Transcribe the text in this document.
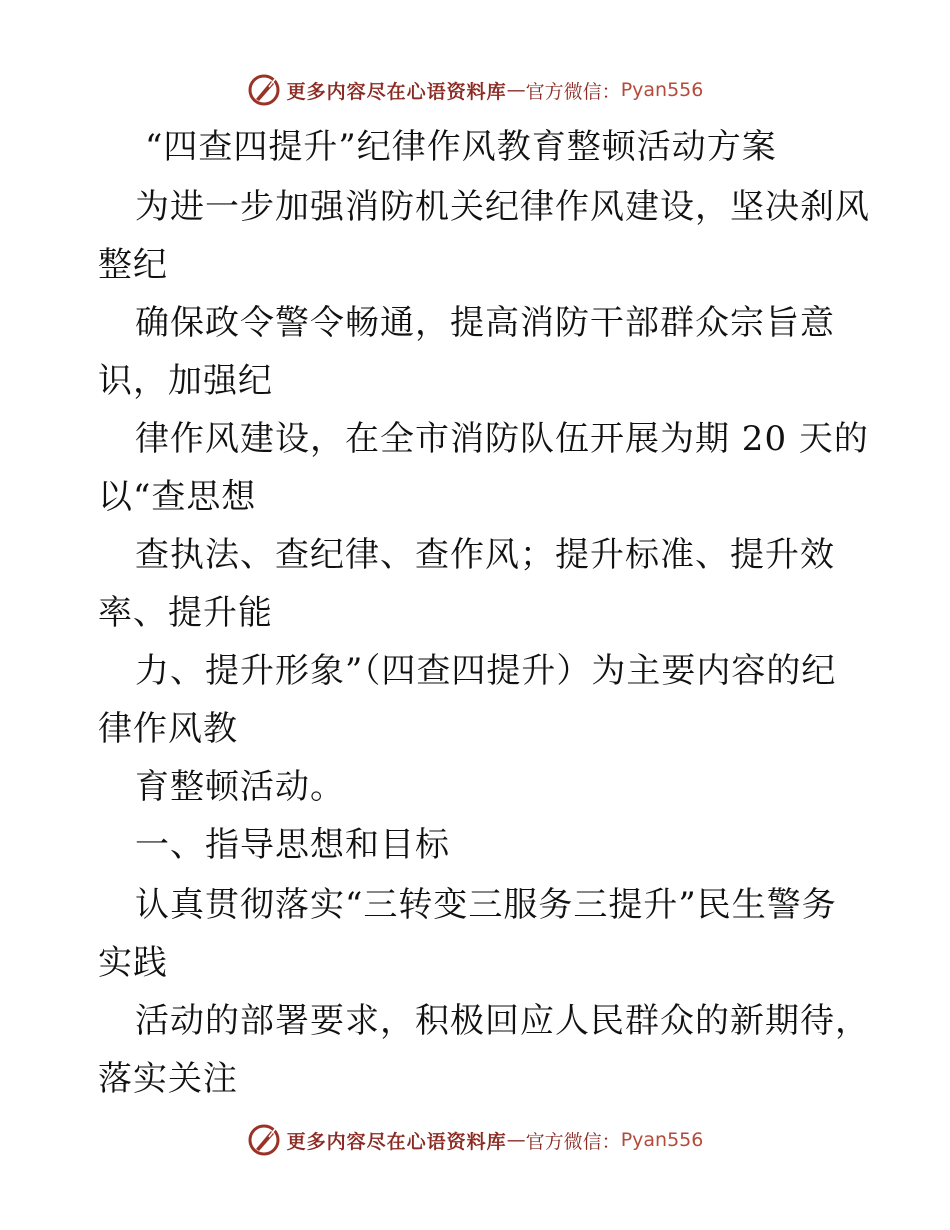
更多内容尽在心语资料库 — 官方微信： Pyan556
“四查四提升”纪律作风教育整顿活动方案
为进一步加强消防机关纪律作风建设，坚决刹风
整纪
确保政令警令畅通，提高消防干部群众宗旨意
识，加强纪
律作风建设，在全市消防队伍开展为期 20 天的
以“查思想
查执法、查纪律、查作风；提升标准、提升效
率、提升能
力、提升形象”（四查四提升）为主要内容的纪
律作风教
育整顿活动。
一、指导思想和目标
认真贯彻落实“三转变三服务三提升”民生警务
实践
活动的部署要求，积极回应人民群众的新期待，
落实关注
更多内容尽在心语资料库 — 官方微信： Pyan556
